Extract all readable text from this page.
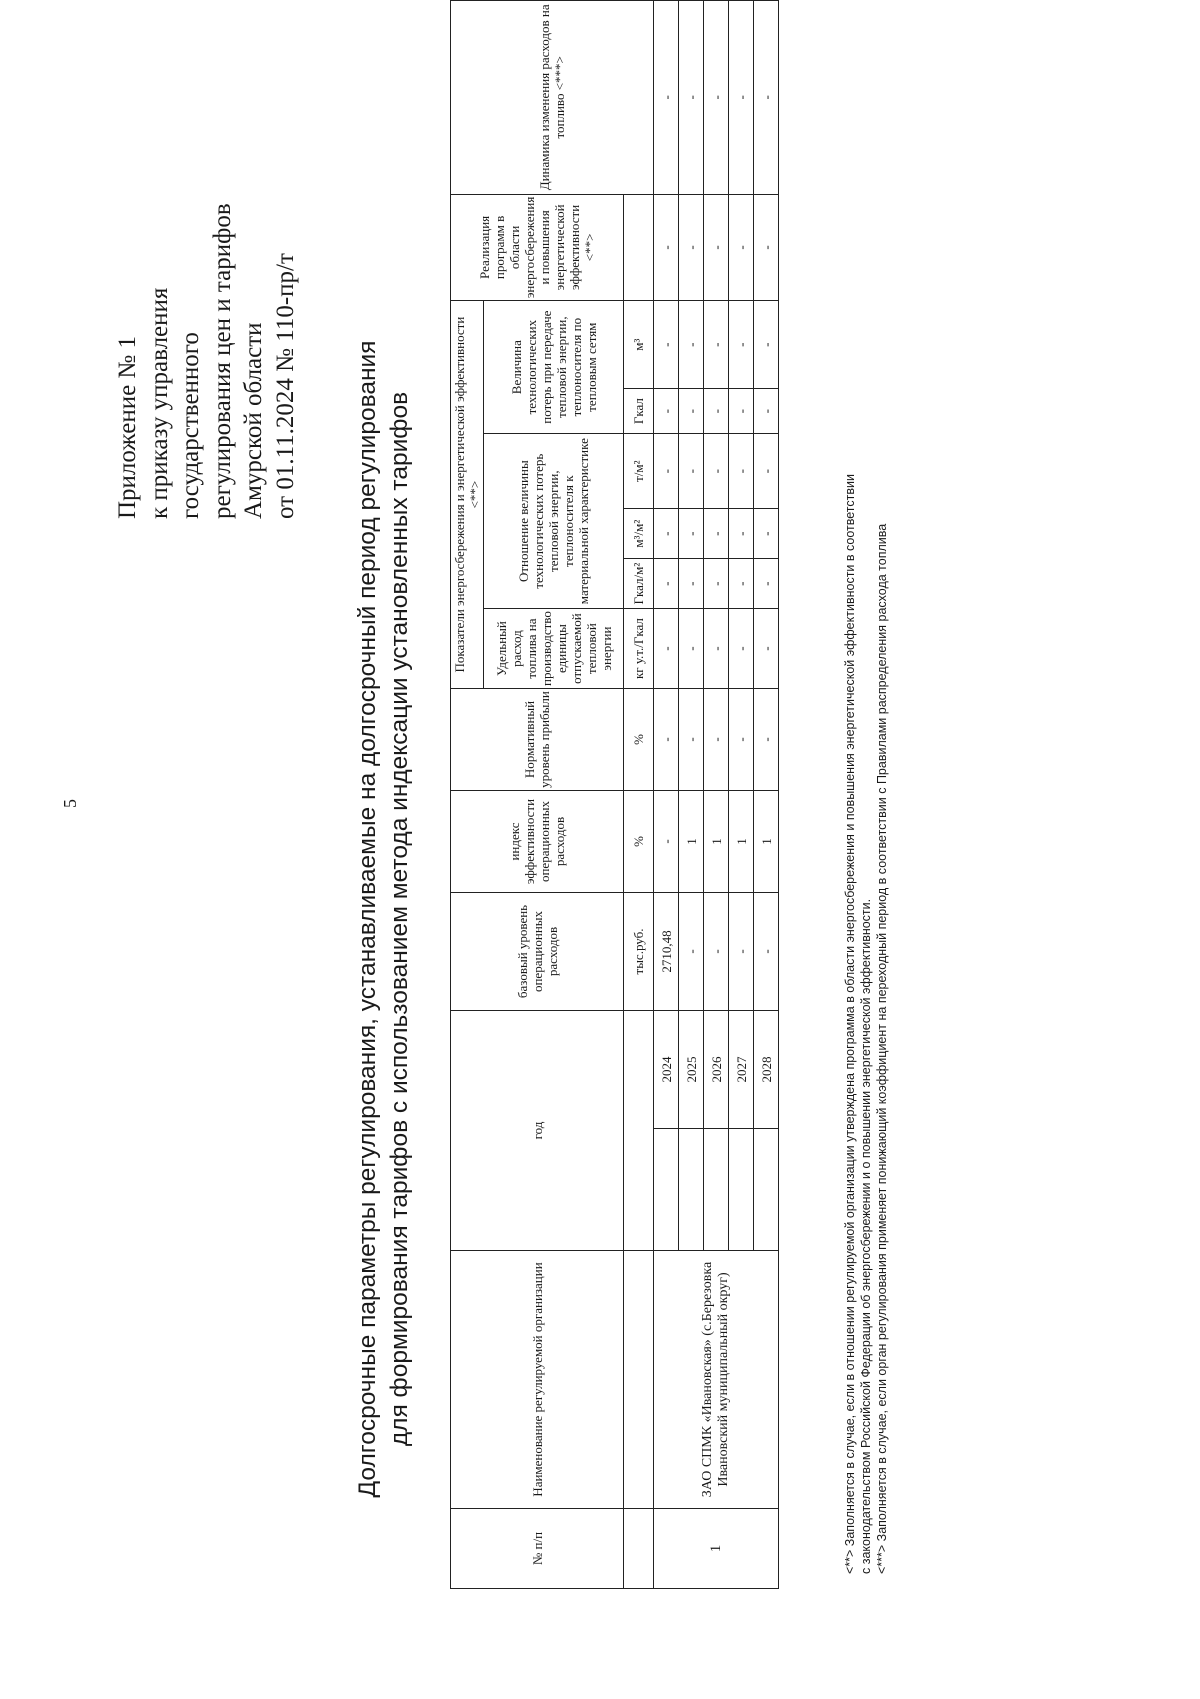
5
Приложение № 1 к приказу управления государственного регулирования цен и тарифов Амурской области от 01.11.2024 № 110-пр/т Долгосрочные параметры регулирования, устанавливаемые на долгосрочный период регулирования для формирования тарифов с использованием метода индексации установленных тарифов
№ п/п	Наименование регулируемой организации	год		базовый уровень операционных расходов	индекс эффективности операционных расходов	Нормативный уровень прибыли	Показатели энергосбережения и энергетической эффективности <**>						Реализация программ в области энергосбережения и повышения энергетической эффективности <**>	Динамика изменения расходов на топливо <***>
							Удельный расход топлива на производство единицы отпускаемой тепловой энергии	Отношение величины технологических потерь тепловой энергии, теплоносителя к материальной характеристике			Величина технологических потерь при передаче тепловой энергии, теплоносителя по тепловым сетям			
				тыс.руб.	%	%	кг у.т./Гкал	Гкал/м²	м³/м²	т/м²	Гкал	м³		
1	ЗАО СПМК «Ивановская» (с.Березовка Ивановский муниципальный округ)		2024	2710,48	-	-	-	-	-	-	-	-	-	-
			2025	-	1	-	-	-	-	-	-	-	-	-
			2026	-	1	-	-	-	-	-	-	-	-	-
			2027	-	1	-	-	-	-	-	-	-	-	-
			2028	-	1	-	-	-	-	-	-	-	-	-
<**> Заполняется в случае, если в отношении регулируемой организации утверждена программа в области энергосбережения и повышения энергетической эффективности в соответствии с законодательством Российской Федерации об энергосбережении и о повышении энергетической эффективности. <***> Заполняется в случае, если орган регулирования применяет понижающий коэффициент на переходный период в соответствии с Правилами распределения расхода топлива
